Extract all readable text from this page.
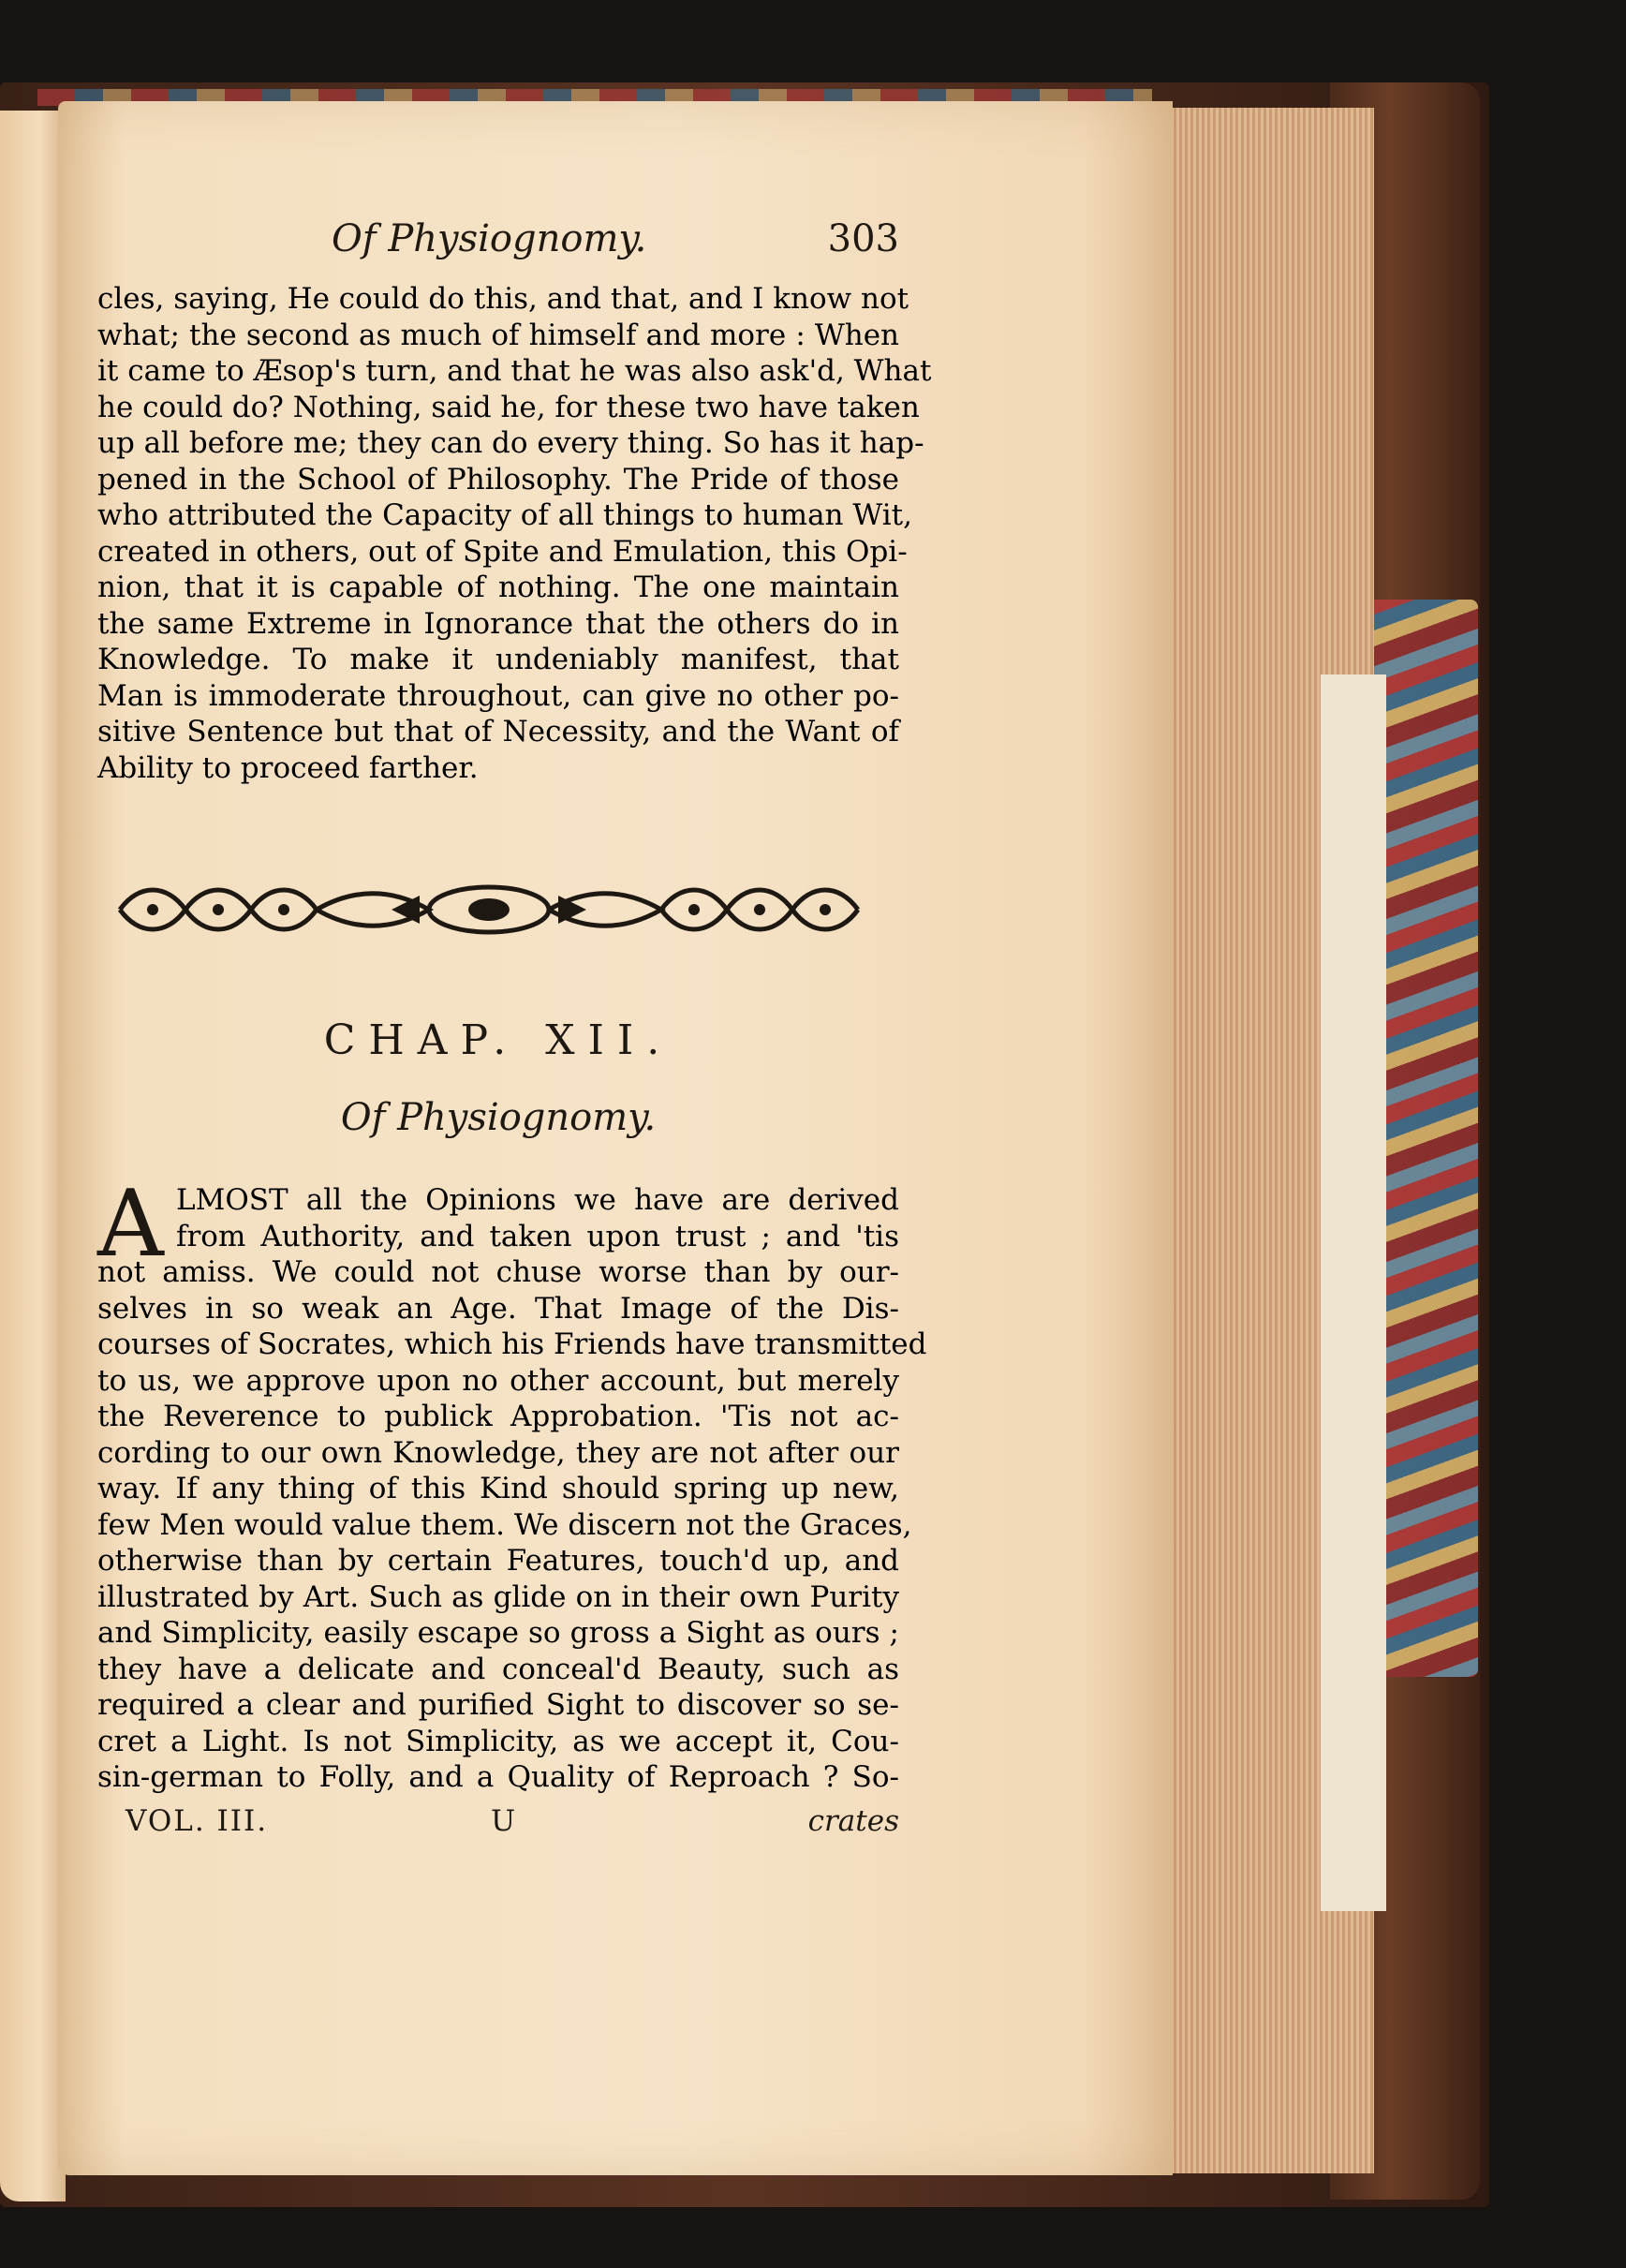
Of Physiognomy.	303
cles, saying, He could do this, and that, and I know not
what; the second as much of himself and more : When
it came to Æsop's turn, and that he was also ask'd, What
he could do? Nothing, said he, for these two have taken
up all before me; they can do every thing. So has it hap-
pened in the School of Philosophy. The Pride of those
who attributed the Capacity of all things to human Wit,
created in others, out of Spite and Emulation, this Opi-
nion, that it is capable of nothing. The one maintain
the same Extreme in Ignorance that the others do in
Knowledge. To make it undeniably manifest, that
Man is immoderate throughout, can give no other po-
sitive Sentence but that of Necessity, and the Want of
Ability to proceed farther.
CHAP. XII.
Of Physiognomy.
A LMOST all the Opinions we have are derived
from Authority, and taken upon trust ; and 'tis
not amiss. We could not chuse worse than by our-
selves in so weak an Age. That Image of the Dis-
courses of Socrates, which his Friends have transmitted
to us, we approve upon no other account, but merely
the Reverence to publick Approbation. 'Tis not ac-
cording to our own Knowledge, they are not after our
way. If any thing of this Kind should spring up new,
few Men would value them. We discern not the Graces,
otherwise than by certain Features, touch'd up, and
illustrated by Art. Such as glide on in their own Purity
and Simplicity, easily escape so gross a Sight as ours ;
they have a delicate and conceal'd Beauty, such as
required a clear and purified Sight to discover so se-
cret a Light. Is not Simplicity, as we accept it, Cou-
sin-german to Folly, and a Quality of Reproach ? So-
VOL. III.	U	crates
